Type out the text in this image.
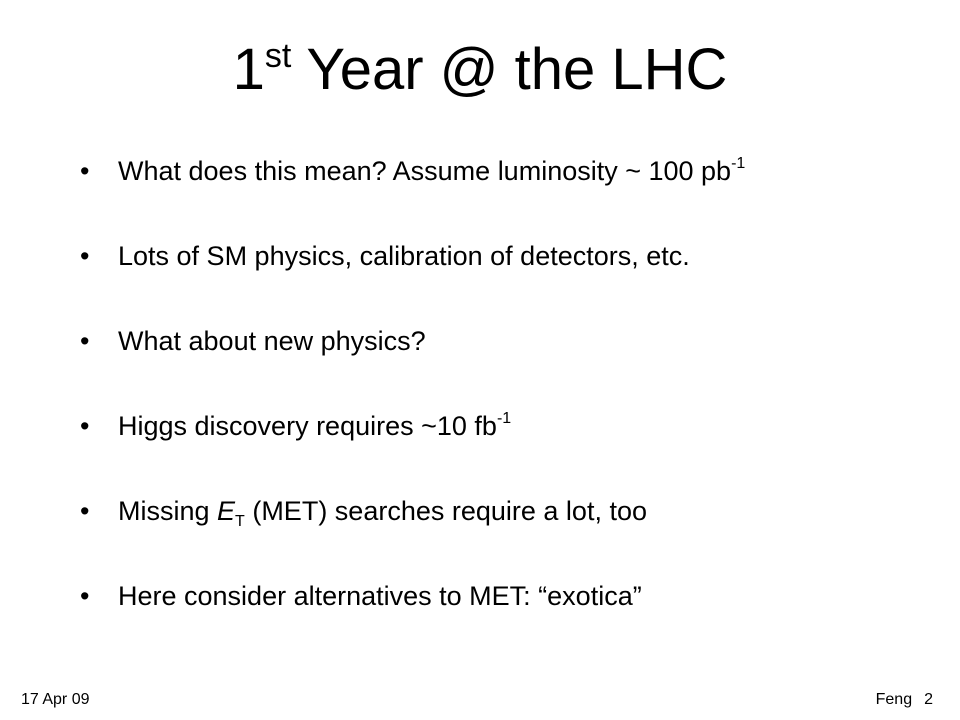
1st Year @ the LHC
•	What does this mean? Assume luminosity ~ 100 $pb^{-1}$
•	Lots of SM physics, calibration of detectors, etc.
•	What about new physics?
•	Higgs discovery requires ~10 $fb^{-1}$
•	Missing $E_T$ (MET) searches require a lot, too
•	Here consider alternatives to MET: “exotica”
17 Apr 09	Feng 2
